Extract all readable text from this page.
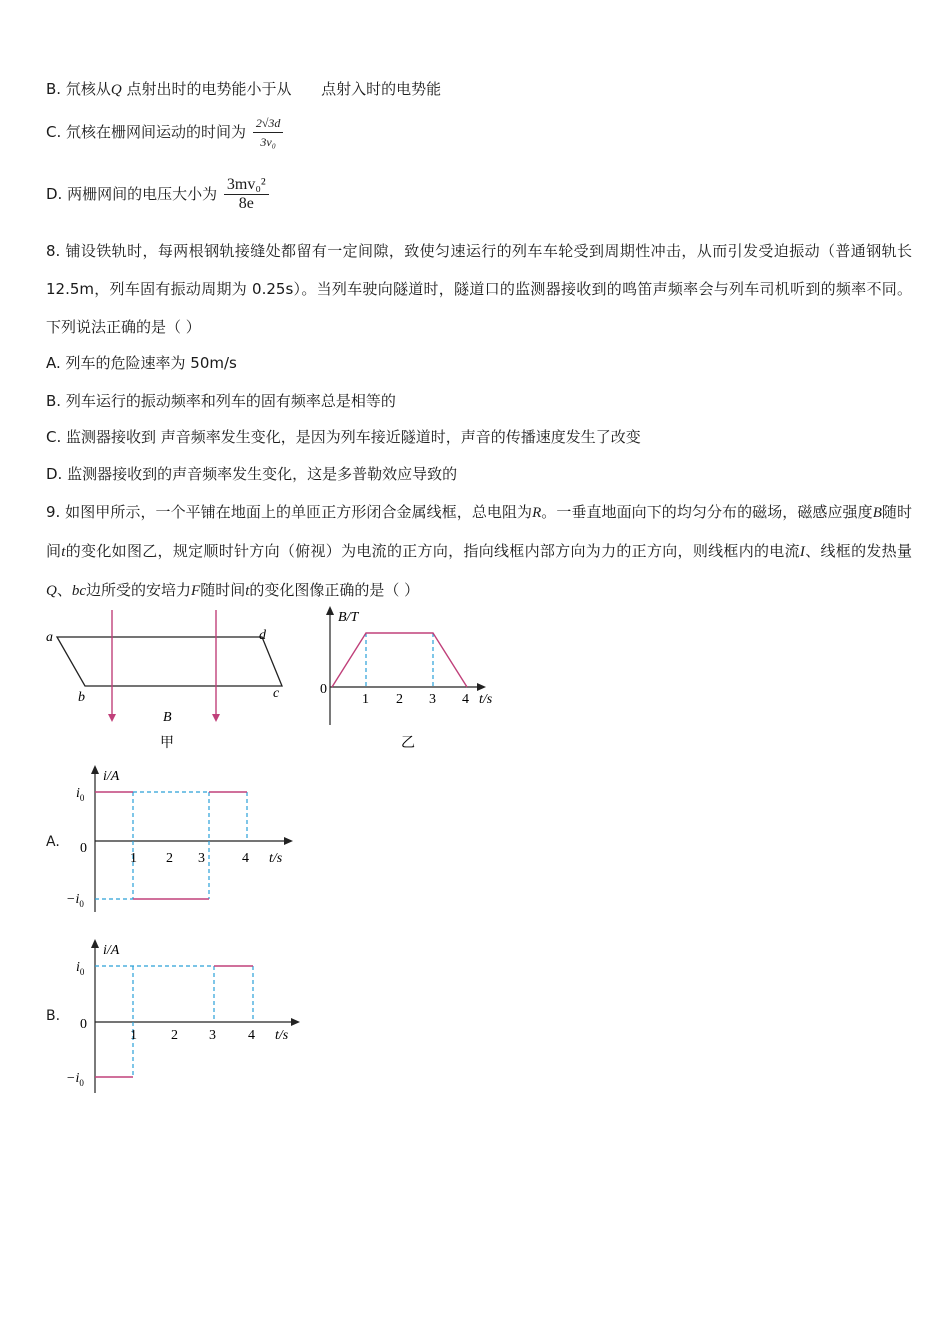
B. 氘核从Q 点射出时的电势能小于从 点射入时的电势能
C. 氘核在栅网间运动的时间为 $\frac{2√3d}{\text{3v₀}}$
D. 两栅网间的电压大小为 $\frac{\text{3mv₀²}}{8e}$
8. 铺设铁轨时，每两根钢轨接缝处都留有一定间隙，致使匀速运行的列车车轮受到周期性冲击，从而引发受迫振动（普通钢轨长 12.5m，列车固有振动周期为 0.25s）。当列车驶向隧道时，隧道口的监测器接收到的鸣笛声频率会与列车司机听到的频率不同。下列说法正确的是（ ）
A. 列车的危险速率为 50m/s
B. 列车运行的振动频率和列车的固有频率总是相等的
C. 监测器接收到 声音频率发生变化，是因为列车接近隧道时，声音的传播速度发生了改变
D. 监测器接收到的声音频率发生变化，这是多普勒效应导致的
9. 如图甲所示，一个平铺在地面上的单匝正方形闭合金属线框，总电阻为R。一垂直地面向下的均匀分布的磁场，磁感应强度B随时间t的变化如图乙，规定顺时针方向（俯视）为电流的正方向，指向线框内部方向为力的正方向，则线框内的电流I、线框的发热量Q、bc边所受的安培力F随时间t的变化图像正确的是（ ）
a	d
b	c
B
甲
0
1 2 3 4 t/s
B/T
乙
A.
$i_0$
$-i_0$
0
1 2 3	4 t/s
i/A
B.
$i_0$
$-i_0$
0
1 2 3 4 t/s
i/A
